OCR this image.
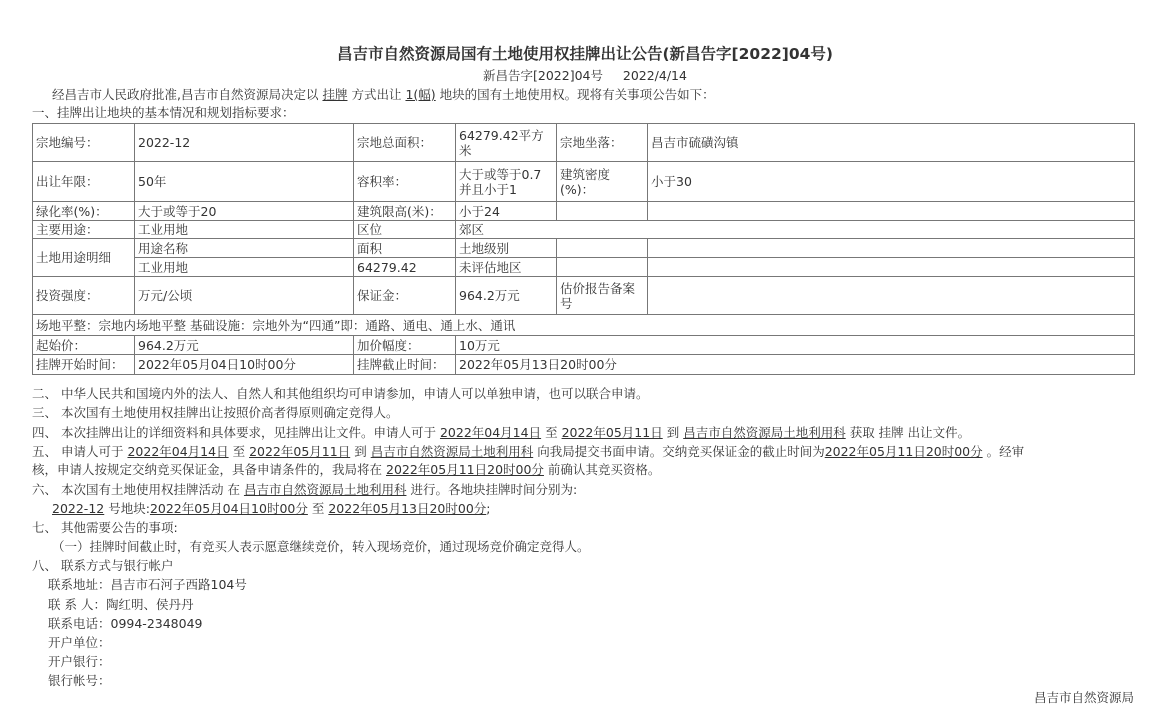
昌吉市自然资源局国有土地使用权挂牌出让公告(新昌告字[2022]04号)
新昌告字[2022]04号 2022/4/14
经昌吉市人民政府批准,昌吉市自然资源局决定以 挂牌 方式出让 1(幅) 地块的国有土地使用权。现将有关事项公告如下：
一、挂牌出让地块的基本情况和规划指标要求：
宗地编号：	2022-12	宗地总面积：	64279.42平方米	宗地坐落：	昌吉市硫磺沟镇
出让年限：	50年	容积率：	大于或等于0.7并且小于1	建筑密度(%)：	小于30
绿化率(%)：	大于或等于20	建筑限高(米)：	小于24		
主要用途：	工业用地	区位	郊区		
土地用途明细	用途名称	面积	土地级别		
	工业用地	64279.42	未评估地区		
投资强度：	万元/公顷	保证金：	964.2万元	估价报告备案号	
场地平整：宗地内场地平整 基础设施：宗地外为“四通”即：通路、通电、通上水、通讯					
起始价：	964.2万元	加价幅度：	10万元		
挂牌开始时间：	2022年05月04日10时00分	挂牌截止时间：	2022年05月13日20时00分		
二、 中华人民共和国境内外的法人、自然人和其他组织均可申请参加，申请人可以单独申请，也可以联合申请。
三、 本次国有土地使用权挂牌出让按照价高者得原则确定竞得人。
四、 本次挂牌出让的详细资料和具体要求，见挂牌出让文件。申请人可于 2022年04月14日 至 2022年05月11日 到 昌吉市自然资源局土地利用科 获取 挂牌 出让文件。
五、 申请人可于 2022年04月14日 至 2022年05月11日 到 昌吉市自然资源局土地利用科 向我局提交书面申请。交纳竞买保证金的截止时间为2022年05月11日20时00分 。经审
核，申请人按规定交纳竞买保证金，具备申请条件的，我局将在 2022年05月11日20时00分 前确认其竞买资格。
六、 本次国有土地使用权挂牌活动 在 昌吉市自然资源局土地利用科 进行。各地块挂牌时间分别为:
2022-12 号地块:2022年05月04日10时00分 至 2022年05月13日20时00分;
七、 其他需要公告的事项:
（一）挂牌时间截止时，有竞买人表示愿意继续竞价，转入现场竞价，通过现场竞价确定竞得人。
八、 联系方式与银行帐户
联系地址：昌吉市石河子西路104号
联 系 人：陶红明、侯丹丹
联系电话：0994-2348049
开户单位：
开户银行：
银行帐号：
昌吉市自然资源局
